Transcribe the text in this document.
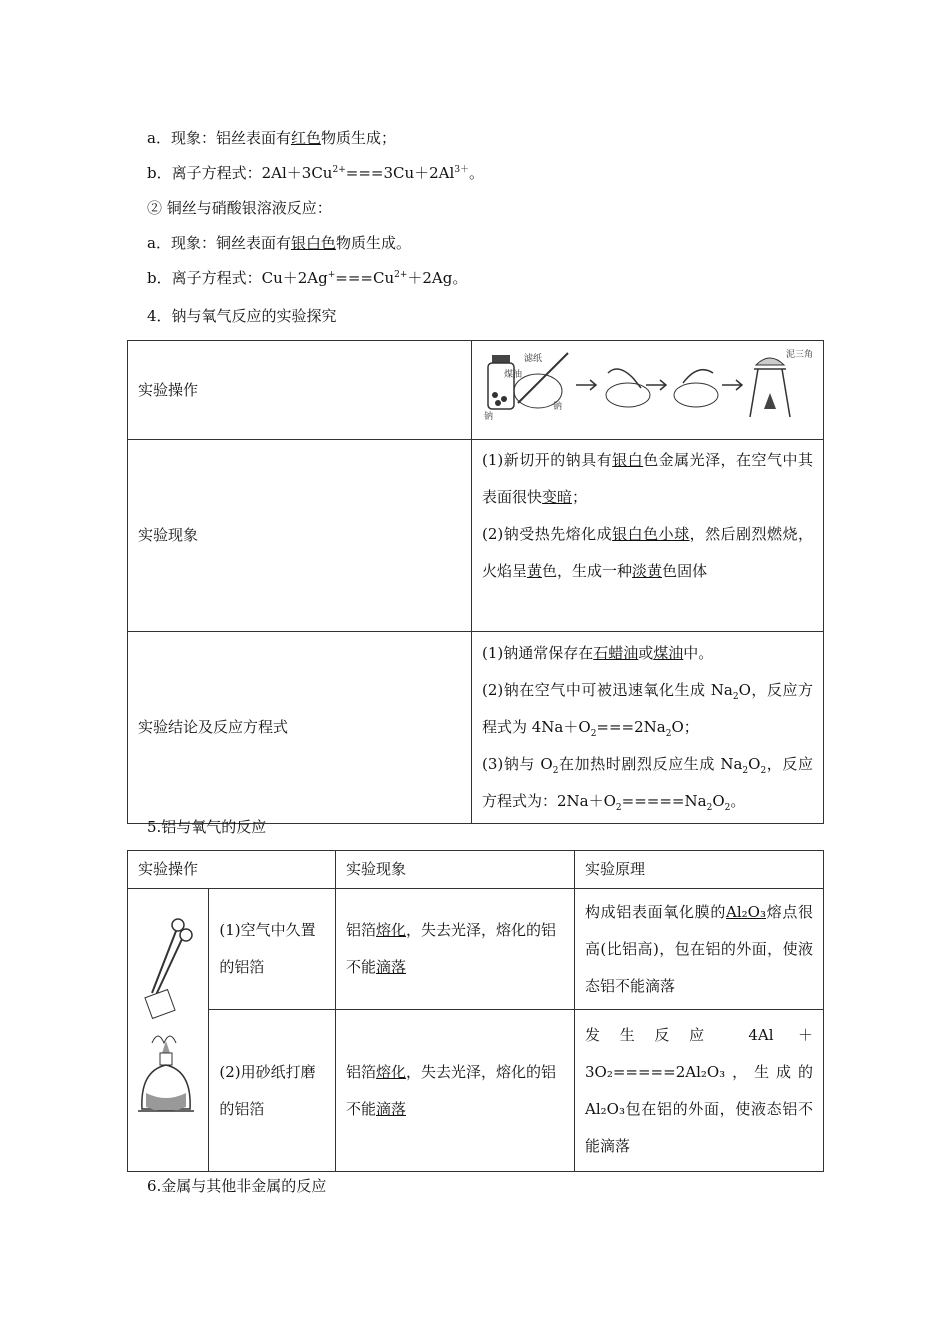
a．现象：铝丝表面有红色物质生成；
b．离子方程式：$2Al+3Cu^{2+}===3Cu+2Al^{3+}$。
② 铜丝与硝酸银溶液反应：
a．现象：铜丝表面有银白色物质生成。
b．离子方程式：$Cu+2Ag^+===Cu^{2+}+2Ag$。
4．钠与氧气反应的实验探究
实验操作	煤油
滤纸
钠
钠
泥三角

实验现象	(1)新切开的钠具有银白色金属光泽，在空气中其表面很快变暗；
(2)钠受热先熔化成银白色小球，然后剧烈燃烧，火焰呈黄色，生成一种淡黄色固体

实验结论及反应方程式	(1)钠通常保存在石蜡油或煤油中。
(2)钠在空气中可被迅速氧化生成 $Na_2O$，反应方程式为 $4Na+O_2===2Na_2O$；
(3)钠与 $O_2$在加热时剧烈反应生成 $Na_2O_2$，反应方程式为：$2Na+O_2=====Na_2O_2$。
5.铝与氧气的反应
实验操作		实验现象	实验原理
	(1)空气中久置的铝箔	铝箔熔化，失去光泽，熔化的铝不能滴落	构成铝表面氧化膜的Al₂O₃熔点很高(比铝高)，包在铝的外面，使液态铝不能滴落
	(2)用砂纸打磨的铝箔	铝箔熔化，失去光泽，熔化的铝不能滴落	发生反应 4Al ＋3O₂=====2Al₂O₃，生成的Al₂O₃包在铝的外面，使液态铝不能滴落
6.金属与其他非金属的反应
